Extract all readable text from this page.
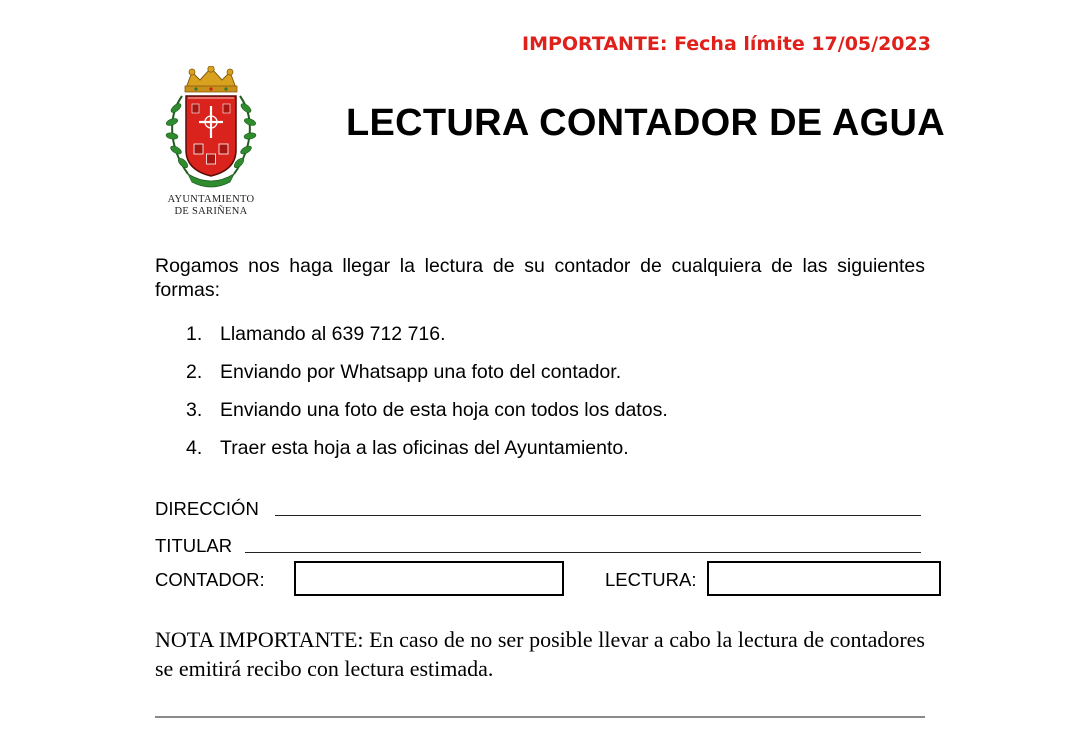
IMPORTANTE: Fecha límite 17/05/2023
AYUNTAMIENTO
DE SARIÑENA
LECTURA CONTADOR DE AGUA
Rogamos nos haga llegar la lectura de su contador de cualquiera de las siguientes formas:
1. Llamando al 639 712 716.
2. Enviando por Whatsapp una foto del contador.
3. Enviando una foto de esta hoja con todos los datos.
4. Traer esta hoja a las oficinas del Ayuntamiento.
DIRECCIÓN
TITULAR
CONTADOR:	LECTURA:
NOTA IMPORTANTE: En caso de no ser posible llevar a cabo la lectura de contadores se emitirá recibo con lectura estimada.
